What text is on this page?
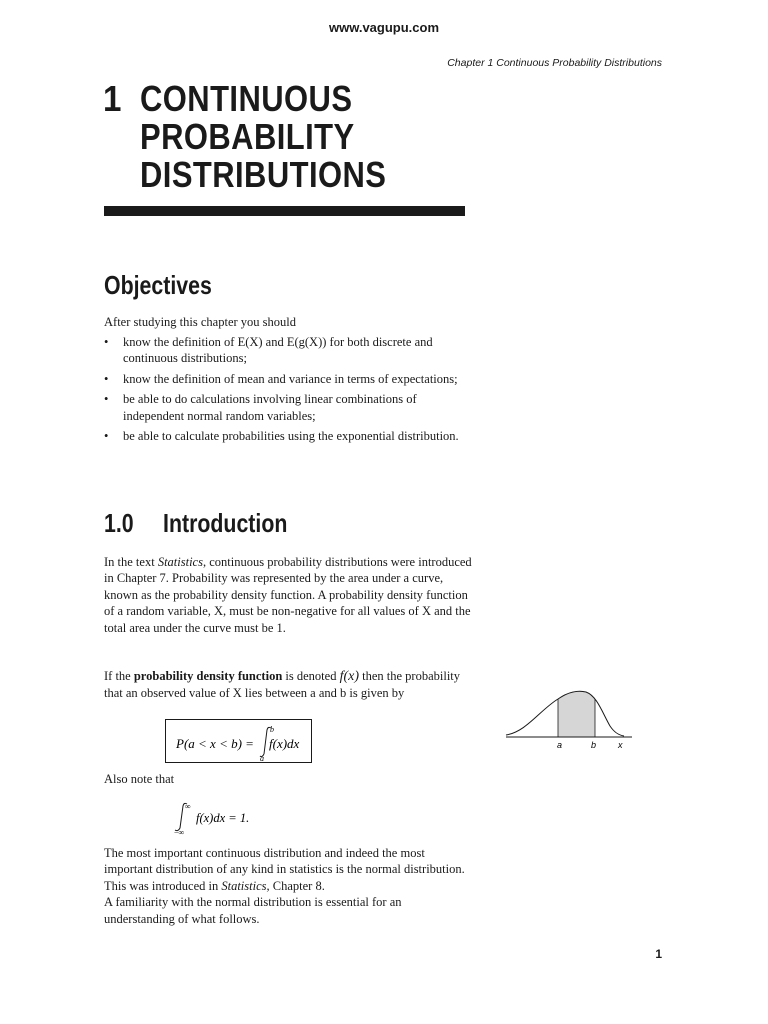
www.vagupu.com
Chapter 1 Continuous Probability Distributions
1 CONTINUOUS
PROBABILITY
DISTRIBUTIONS
Objectives
After studying this chapter you should
• know the definition of E(X) and E(g(X)) for both discrete and continuous distributions;
• know the definition of mean and variance in terms of expectations;
• be able to do calculations involving linear combinations of independent normal random variables;
• be able to calculate probabilities using the exponential distribution.
1.0 Introduction
In the text Statistics, continuous probability distributions were introduced in Chapter 7. Probability was represented by the area under a curve, known as the probability density function. A probability density function of a random variable, X, must be non-negative for all values of X and the total area under the curve must be 1.
If the probability density function is denoted f(x) then the probability that an observed value of X lies between a and b is given by
P(a < x < b) =
b
a
f(x)dx
Also note that
∞
−∞
f(x)dx = 1.
The most important continuous distribution and indeed the most important distribution of any kind in statistics is the normal distribution. This was introduced in Statistics, Chapter 8.
A familiarity with the normal distribution is essential for an understanding of what follows.
a	b x
1
